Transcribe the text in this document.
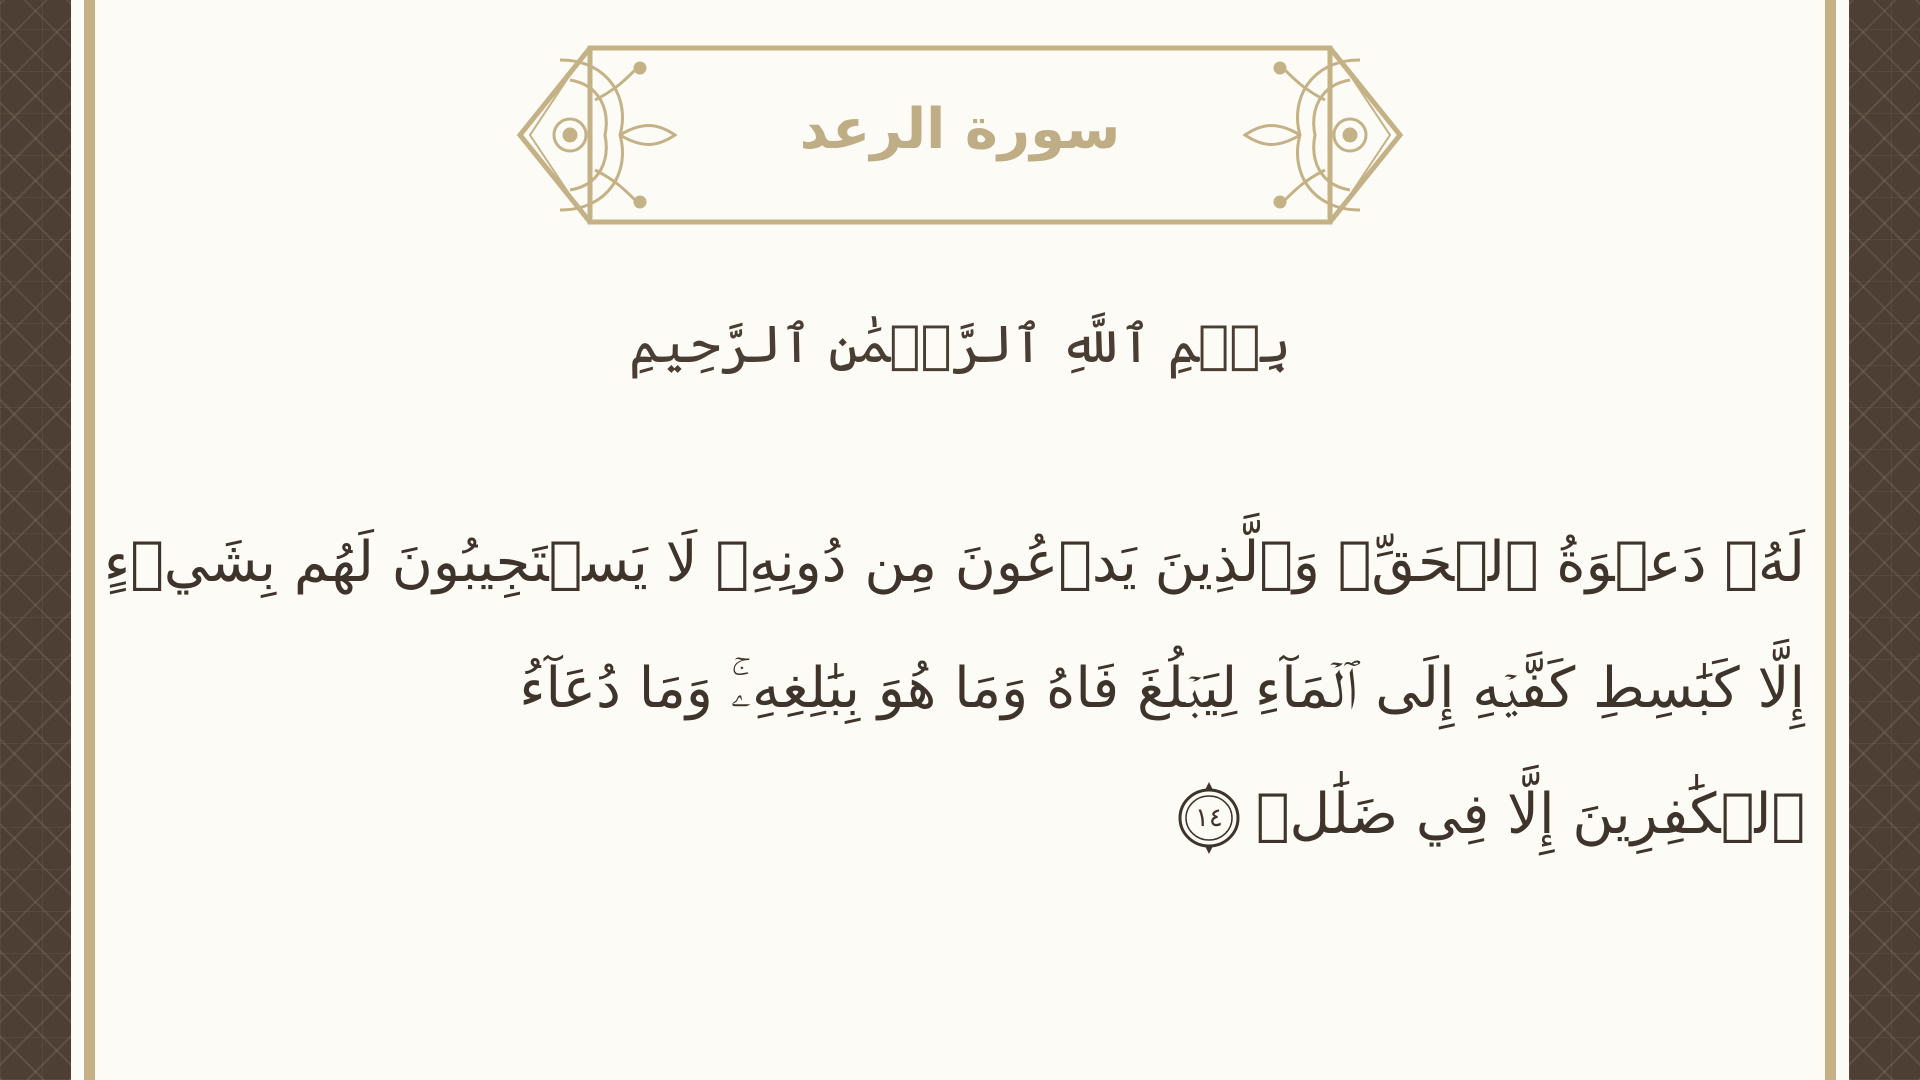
سورة الرعد
بِسۡمِ ٱللَّهِ ٱلرَّحۡمَٰنِ ٱلرَّحِيمِ
لَهُۥ دَعۡوَةُ ٱلۡحَقِّۖ وَٱلَّذِينَ يَدۡعُونَ مِن دُونِهِۦ لَا يَسۡتَجِيبُونَ لَهُم بِشَيۡءٍ
إِلَّا كَبَٰسِطِ كَفَّيۡهِ إِلَى ٱلۡمَآءِ لِيَبۡلُغَ فَاهُ وَمَا هُوَ بِبَٰلِغِهِۦۚ وَمَا دُعَآءُ
ٱلۡكَٰفِرِينَ إِلَّا فِي ضَلَٰلٖ
١٤
